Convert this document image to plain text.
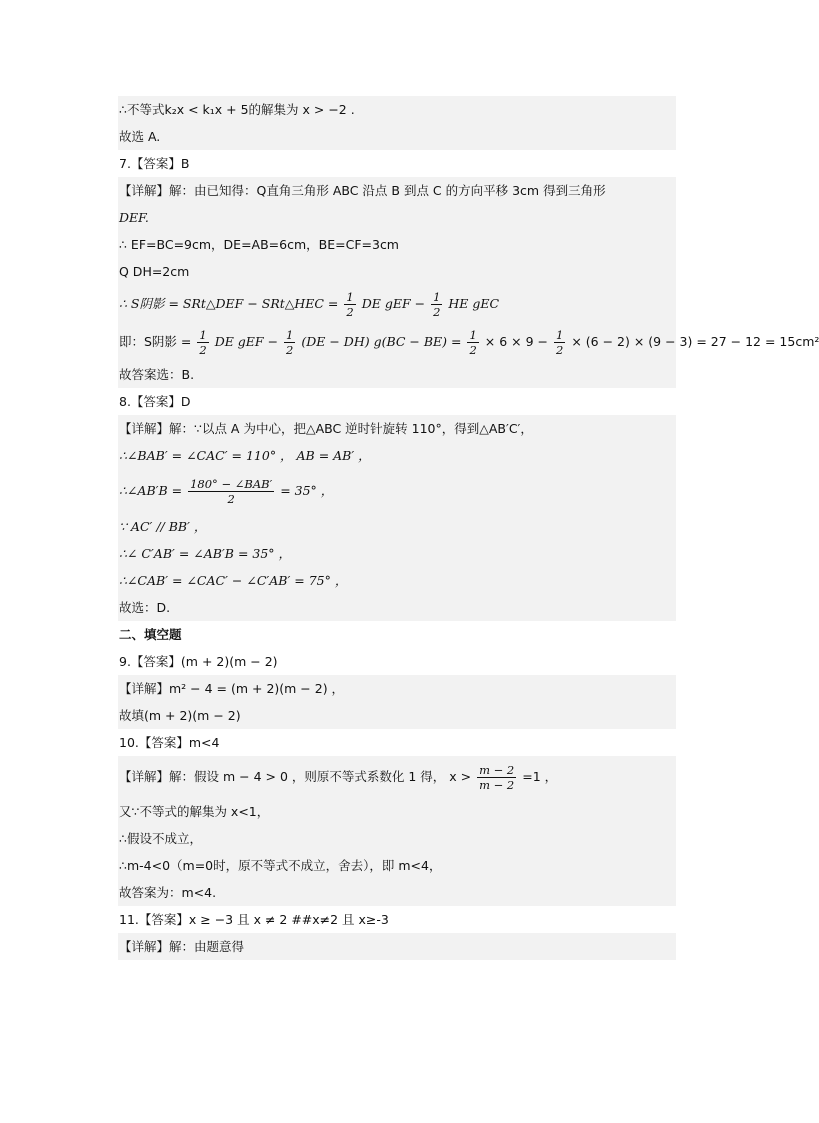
∴不等式k₂x < k₁x + 5的解集为 x > −2 .
故选 A.
7.【答案】B
【详解】解：由已知得：Q直角三角形 ABC 沿点 B 到点 C 的方向平移 3cm 得到三角形
DEF.
∴ EF=BC=9cm，DE=AB=6cm，BE=CF=3cm
Q DH=2cm
∴ S阴影 = SRt△DEF − SRt△HEC = $\frac{1}{2}$ DE gEF − $\frac{1}{2}$ HE gEC
即：S阴影 = $\frac{1}{2}$ DE gEF − $\frac{1}{2} (DE - DH) g(BC - BE) = \frac{1}{2} \times 6 \times 9 - \frac{1}{2} \times (6 - 2) \times (9 - 3) = 27 - 12 = 15cm^2$
故答案选：B.
8.【答案】D
【详解】解：∵以点 A 为中心，把△ABC 逆时针旋转 110°，得到△AB′C′，
∴∠BAB′ = ∠CAC′ = 110° ， AB = AB′ ，
∴∠AB′B = $\frac{\text{180° − ∠BAB′}}{2} = 35^\circ$ ，
∵ AC′ // BB′ ，
∴∠ C′AB′ = ∠AB′B = 35° ，
∴∠CAB′ = ∠CAC′ − ∠C′AB′ = 75° ，
故选：D.
二、填空题
9.【答案】(m + 2)(m − 2)
【详解】m² − 4 = (m + 2)(m − 2) ，
故填(m + 2)(m − 2)
10.【答案】m<4
【详解】解：假设 m − 4 > 0 ，则原不等式系数化 1 得， $x > \frac{m - 2}{m - 2} =1$ ，
又∵不等式的解集为 x<1，
∴假设不成立，
∴m-4<0（m=0时，原不等式不成立，舍去），即 m<4，
故答案为：m<4.
11.【答案】x ≥ −3 且 x ≠ 2 ##x≠2 且 x≥-3
【详解】解：由题意得
